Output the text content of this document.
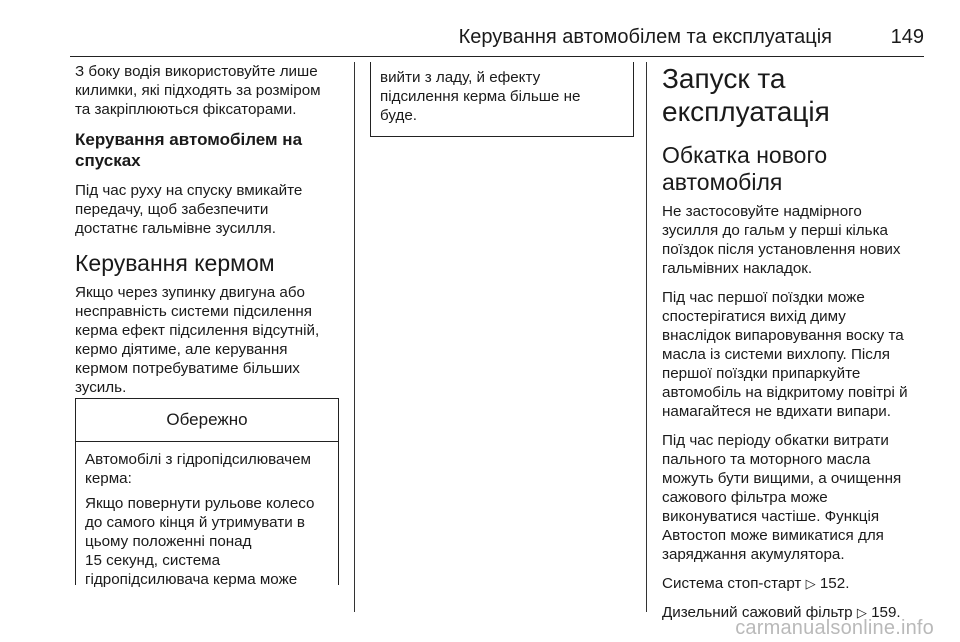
Керування автомобілем та експлуатація	149

З боку водія використовуйте лише
килимки, які підходять за розміром
та закріплюються фіксаторами.

Керування автомобілем на
спусках

Під час руху на спуску вмикайте
передачу, щоб забезпечити
достатнє гальмівне зусилля.

Керування кермом

Якщо через зупинку двигуна або
несправність системи підсилення
керма ефект підсилення відсутній,
кермо діятиме, але керування
кермом потребуватиме більших
зусиль.

Обережно

Автомобілі з гідропідсилювачем
керма:

Якщо повернути рульове колесо
до самого кінця й утримувати в
цьому положенні понад
15 секунд, система
гідропідсилювача керма може

вийти з ладу, й ефекту
підсилення керма більше не
буде.

Запуск та
експлуатація
Обкатка нового
автомобіля

Не застосовуйте надмірного
зусилля до гальм у перші кілька
поїздок після установлення нових
гальмівних накладок.

Під час першої поїздки може
спостерігатися вихід диму
внаслідок випаровування воску та
масла із системи вихлопу. Після
першої поїздки припаркуйте
автомобіль на відкритому повітрі й
намагайтеся не вдихати випари.

Під час періоду обкатки витрати
пального та моторного масла
можуть бути вищими, а очищення
сажового фільтра може
виконуватися частіше. Функція
Автостоп може вимикатися для
заряджання акумулятора.

Система стоп-старт ▷ 152.

Дизельний сажовий фільтр ▷ 159.

carmanualsonline.info
